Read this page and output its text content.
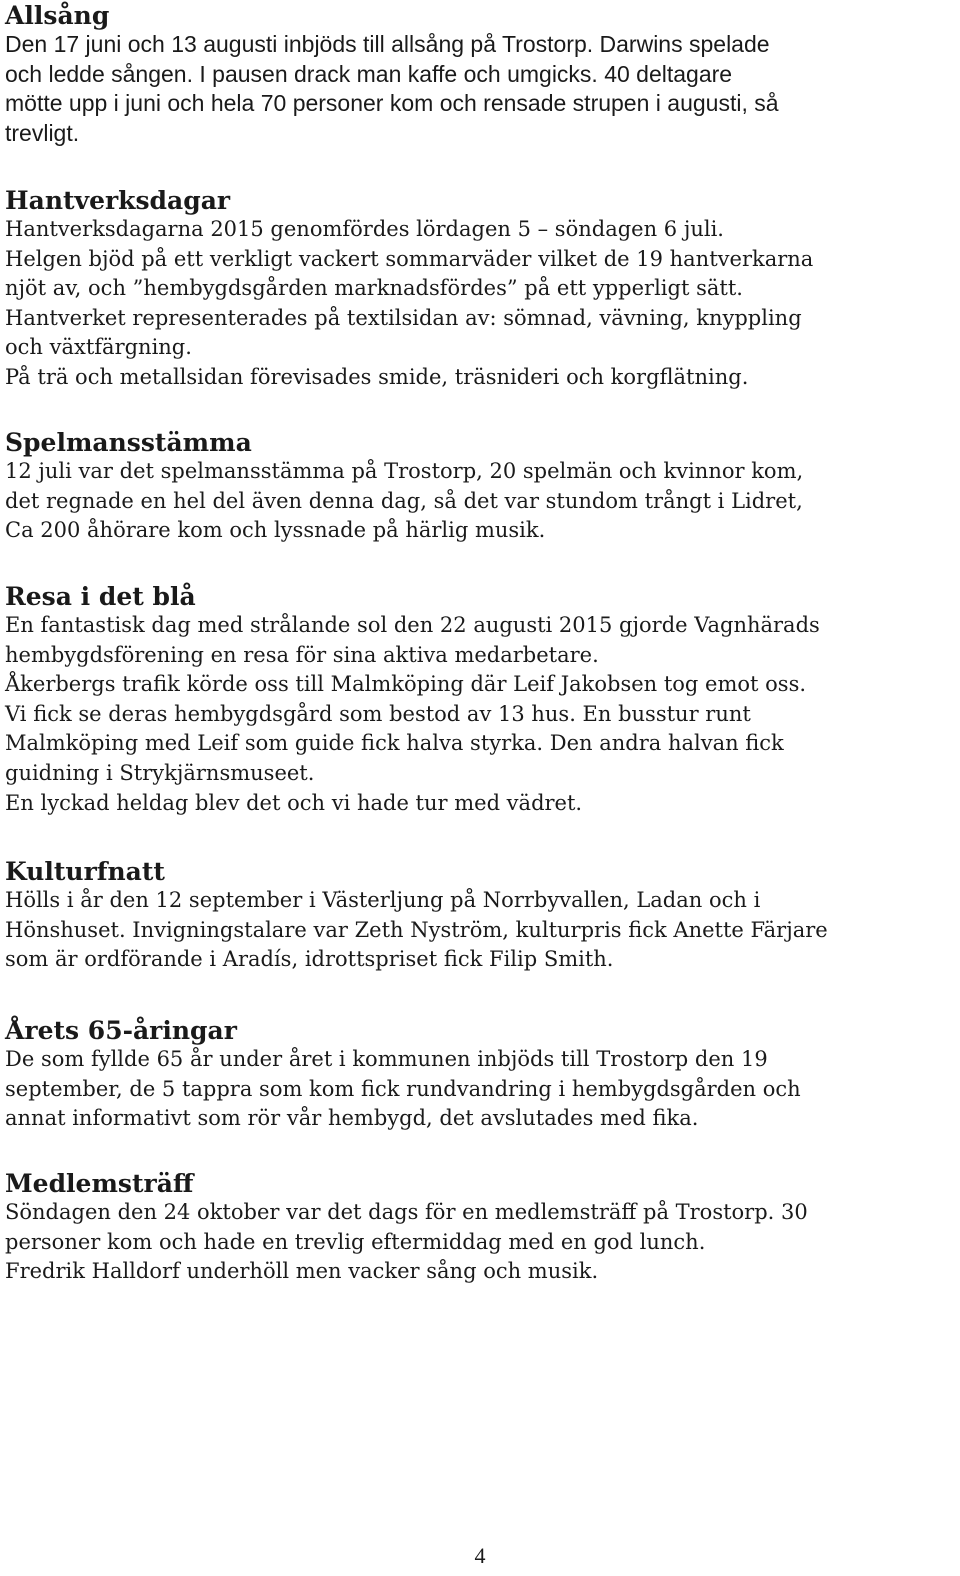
Allsång

Den 17 juni och 13 augusti inbjöds till allsång på Trostorp. Darwins spelade

och ledde sången. I pausen drack man kaffe och umgicks. 40 deltagare

mötte upp i juni och hela 70 personer kom och rensade strupen i augusti, så

trevligt.

Hantverksdagar

Hantverksdagarna 2015 genomfördes lördagen 5 – söndagen 6 juli.

Helgen bjöd på ett verkligt vackert sommarväder vilket de 19 hantverkarna

njöt av, och ”hembygdsgården marknadsfördes” på ett ypperligt sätt.

Hantverket representerades på textilsidan av: sömnad, vävning, knyppling

och växtfärgning.

På trä och metallsidan förevisades smide, träsnideri och korgflätning.

Spelmansstämma

12 juli var det spelmansstämma på Trostorp, 20 spelmän och kvinnor kom,

det regnade en hel del även denna dag, så det var stundom trångt i Lidret,

Ca 200 åhörare kom och lyssnade på härlig musik.

Resa i det blå

En fantastisk dag med strålande sol den 22 augusti 2015 gjorde Vagnhärads

hembygdsförening en resa för sina aktiva medarbetare.

Åkerbergs trafik körde oss till Malmköping där Leif Jakobsen tog emot oss.

Vi fick se deras hembygdsgård som bestod av 13 hus. En busstur runt

Malmköping med Leif som guide fick halva styrka. Den andra halvan fick

guidning i Strykjärnsmuseet.

En lyckad heldag blev det och vi hade tur med vädret.

Kulturfnatt

Hölls i år den 12 september i Västerljung på Norrbyvallen, Ladan och i

Hönshuset. Invigningstalare var Zeth Nyström, kulturpris fick Anette Färjare

som är ordförande i Aradís, idrottspriset fick Filip Smith.

Årets 65-åringar

De som fyllde 65 år under året i kommunen inbjöds till Trostorp den 19

september, de 5 tappra som kom fick rundvandring i hembygdsgården och

annat informativt som rör vår hembygd, det avslutades med fika.

Medlemsträff

Söndagen den 24 oktober var det dags för en medlemsträff på Trostorp. 30

personer kom och hade en trevlig eftermiddag med en god lunch.

Fredrik Halldorf underhöll men vacker sång och musik.

4
